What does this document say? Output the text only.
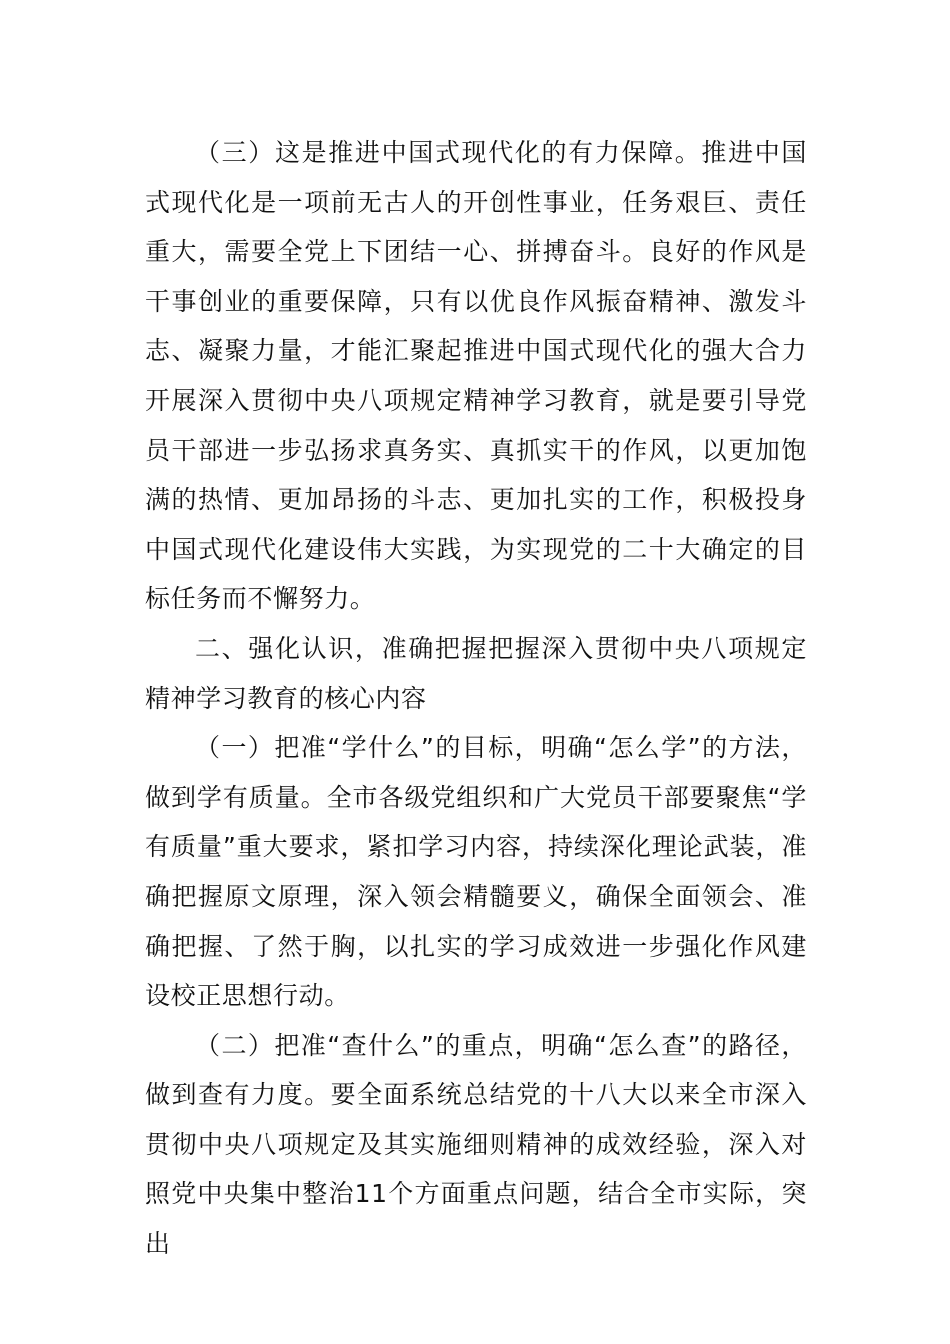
（三）这是推进中国式现代化的有力保障。推进中国式现代化是一项前无古人的开创性事业，任务艰巨、责任重大，需要全党上下团结一心、拼搏奋斗。良好的作风是干事创业的重要保障，只有以优良作风振奋精神、激发斗志、凝聚力量，才能汇聚起推进中国式现代化的强大合力开展深入贯彻中央八项规定精神学习教育，就是要引导党员干部进一步弘扬求真务实、真抓实干的作风，以更加饱满的热情、更加昂扬的斗志、更加扎实的工作，积极投身中国式现代化建设伟大实践，为实现党的二十大确定的目标任务而不懈努力。

二、强化认识，准确把握把握深入贯彻中央八项规定精神学习教育的核心内容

（一）把准“学什么”的目标，明确“怎么学”的方法，做到学有质量。全市各级党组织和广大党员干部要聚焦“学有质量”重大要求，紧扣学习内容，持续深化理论武装，准确把握原文原理，深入领会精髓要义，确保全面领会、准确把握、了然于胸，以扎实的学习成效进一步强化作风建设校正思想行动。

（二）把准“查什么”的重点，明确“怎么查”的路径，做到查有力度。要全面系统总结党的十八大以来全市深入贯彻中央八项规定及其实施细则精神的成效经验，深入对照党中央集中整治11个方面重点问题，结合全市实际，突出
